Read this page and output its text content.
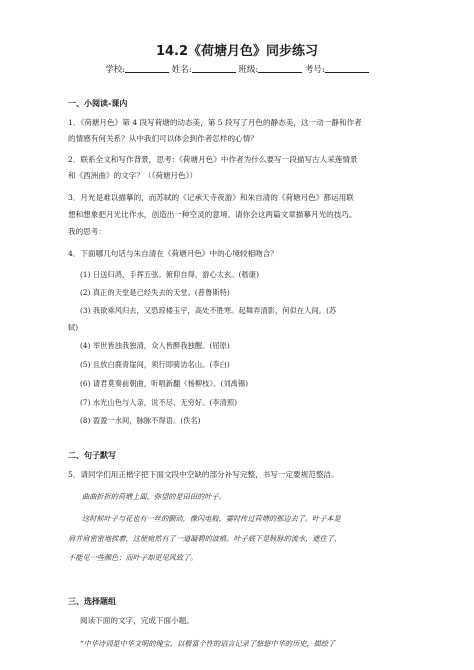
14.2《荷塘月色》同步练习
学校:	姓名:	班级:	考号:
一、小阅读-课内
1．《荷塘月色》第 4 段写荷塘的动态美，第 5 段写了月色的静态美，这一动一静和作者
的情感有何关系？从中我们可以体会到作者怎样的心情？
2．联系全文和写作背景，思考：《荷塘月色》中作者为什么要写一段描写古人采莲情景
和《西洲曲》的文字？（《荷塘月色》）
3．月光是难以描摹的，而苏轼的《记承天寺夜游》和朱自清的《荷塘月色》都运用联
想和想象把月光比作水，创造出一种空灵的意境。请你会这两篇文章描摹月光的技巧。
我的思考：
4．下面哪几句话与朱自清在《荷塘月色》中的心境较相吻合？
(1) 日送归鸿，手挥五弦。俯仰自得，游心太玄。(嵇康)
(2) 真正的天堂是已经失去的天堂。(普鲁斯特)
(3) 我欲乘风归去，又恐琼楼玉宇，高处不胜寒。起舞弄清影，何似在人间。(苏
轼)
(4) 举世皆浊我独清，众人皆醉我独醒。(屈原)
(5) 且放白鹿青崖间，须行即骑访名山。(李白)
(6) 请君莫奏前朝曲，听唱新翻《杨柳枝》。(刘禹锡)
(7) 水光山色与人亲，说不尽、无穷好。(李清照)
(8) 盈盈一水间，脉脉不得语。(佚名)
二、句子默写
5．请同学们用正楷字把下面文段中空缺的部分补写完整，书写一定要规范整洁。
曲曲折折的荷塘上面，弥望的是田田的叶子。
这时候叶子与花也有一丝的颤动，像闪电般，霎时传过荷塘的那边去了。叶子本是
肩并肩密密地挨着，这便宛然有了一道凝碧的波痕。叶子底下是脉脉的流水，遮住了，
不能见一些颜色；而叶子却更见风致了。
三、选择题组
阅读下面的文字，完成下面小题。
“中华诗词是中华文明的瑰宝，以极富个性的语言记录了悠悠中华的历史，描绘了
